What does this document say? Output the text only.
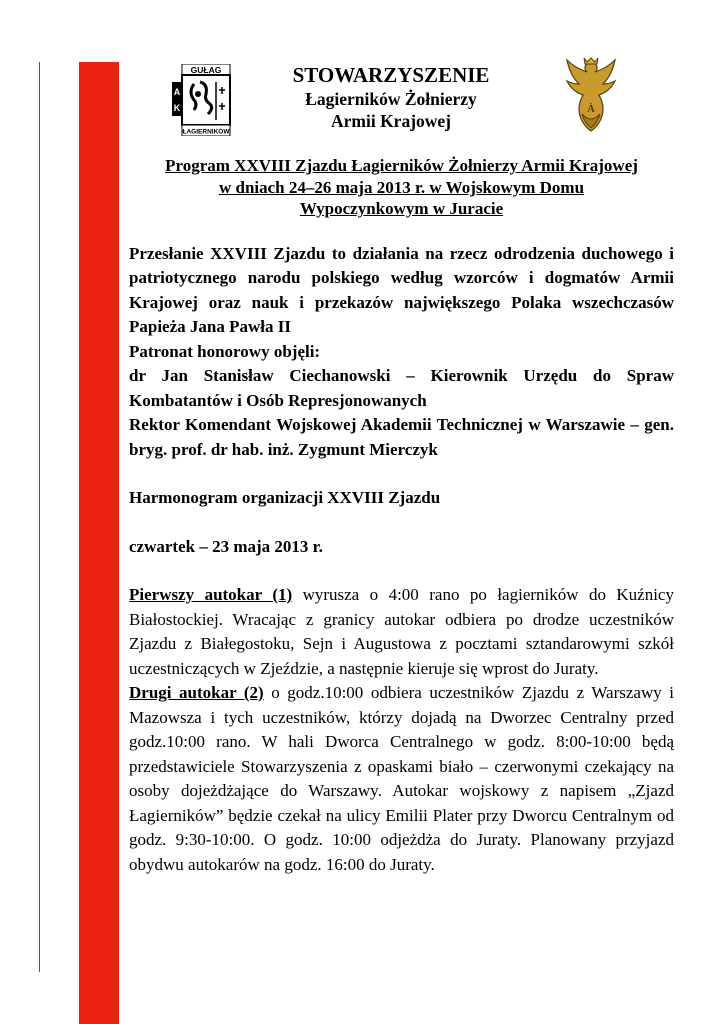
GUŁAG
A
K
ŁAGIERNIKÓW
STOWARZYSZENIE
Łagierników Żołnierzy
Armii Krajowej
Ȧ
Program XXVIII Zjazdu Łagierników Żołnierzy Armii Krajowej
w dniach 24–26 maja 2013 r. w Wojskowym Domu
Wypoczynkowym w Juracie

Przesłanie XXVIII Zjazdu to działania na rzecz odrodzenia duchowego i patriotycznego narodu polskiego według wzorców i dogmatów Armii Krajowej oraz nauk i przekazów największego Polaka wszechczasów Papieża Jana Pawła II

Patronat honorowy objęli:

dr Jan Stanisław Ciechanowski – Kierownik Urzędu do Spraw Kombatantów i Osób Represjonowanych

Rektor Komendant Wojskowej Akademii Technicznej w Warszawie – gen. bryg. prof. dr hab. inż. Zygmunt Mierczyk

Harmonogram organizacji XXVIII Zjazdu

czwartek – 23 maja 2013 r.

Pierwszy autokar (1) wyrusza o 4:00 rano po łagierników do Kuźnicy Białostockiej. Wracając z granicy autokar odbiera po drodze uczestników Zjazdu z Białegostoku, Sejn i Augustowa z pocztami sztandarowymi szkół uczestniczących w Zjeździe, a następnie kieruje się wprost do Juraty.

Drugi autokar (2) o godz.10:00 odbiera uczestników Zjazdu z Warszawy i Mazowsza i tych uczestników, którzy dojadą na Dworzec Centralny przed godz.10:00 rano. W hali Dworca Centralnego w godz. 8:00-10:00 będą przedstawiciele Stowarzyszenia z opaskami biało – czerwonymi czekający na osoby dojeżdżające do Warszawy. Autokar wojskowy z napisem „Zjazd Łagierników” będzie czekał na ulicy Emilii Plater przy Dworcu Centralnym od godz. 9:30-10:00. O godz. 10:00 odjeżdża do Juraty. Planowany przyjazd obydwu autokarów na godz. 16:00 do Juraty.
